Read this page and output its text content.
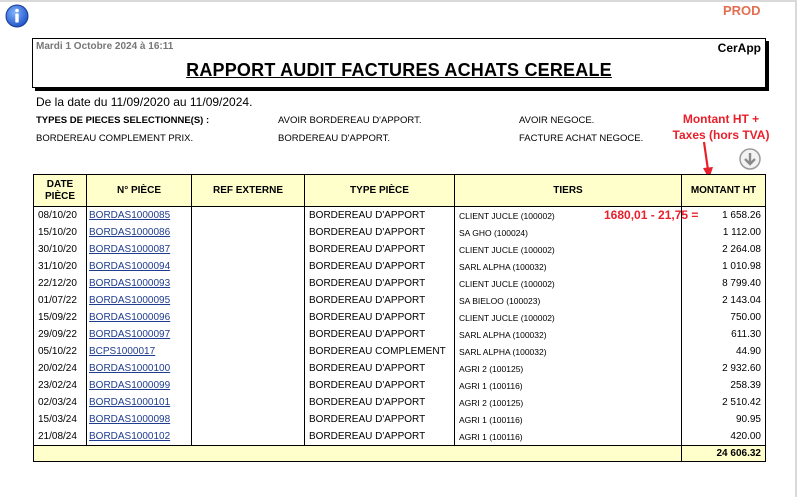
PROD
Mardi 1 Octobre 2024 à 16:11	CerApp
RAPPORT AUDIT FACTURES ACHATS CEREALE
De la date du 11/09/2020 au 11/09/2024.
TYPES DE PIECES SELECTIONNE(S) :	AVOIR BORDEREAU D'APPORT.	AVOIR NEGOCE.
BORDEREAU COMPLEMENT PRIX.	BORDEREAU D'APPORT.	FACTURE ACHAT NEGOCE.
Montant HT +
Taxes (hors TVA)
DATE PIÈCE	N° PIÈCE	REF EXTERNE	TYPE PIÈCE	TIERS	MONTANT HT
08/10/20	BORDAS1000085		BORDEREAU D'APPORT	CLIENT JUCLE (100002)	1 658.26
15/10/20	BORDAS1000086		BORDEREAU D'APPORT	SA GHO (100024)	1 112.00
30/10/20	BORDAS1000087		BORDEREAU D'APPORT	CLIENT JUCLE (100002)	2 264.08
31/10/20	BORDAS1000094		BORDEREAU D'APPORT	SARL ALPHA (100032)	1 010.98
22/12/20	BORDAS1000093		BORDEREAU D'APPORT	CLIENT JUCLE (100002)	8 799.40
01/07/22	BORDAS1000095		BORDEREAU D'APPORT	SA BIELOO (100023)	2 143.04
15/09/22	BORDAS1000096		BORDEREAU D'APPORT	CLIENT JUCLE (100002)	750.00
29/09/22	BORDAS1000097		BORDEREAU D'APPORT	SARL ALPHA (100032)	611.30
05/10/22	BCPS1000017		BORDEREAU COMPLEMENT	SARL ALPHA (100032)	44.90
20/02/24	BORDAS1000100		BORDEREAU D'APPORT	AGRI 2 (100125)	2 932.60
23/02/24	BORDAS1000099		BORDEREAU D'APPORT	AGRI 1 (100116)	258.39
02/03/24	BORDAS1000101		BORDEREAU D'APPORT	AGRI 2 (100125)	2 510.42
15/03/24	BORDAS1000098		BORDEREAU D'APPORT	AGRI 1 (100116)	90.95
21/08/24	BORDAS1000102		BORDEREAU D'APPORT	AGRI 1 (100116)	420.00
					24 606.32
1680,01 - 21,75 =
